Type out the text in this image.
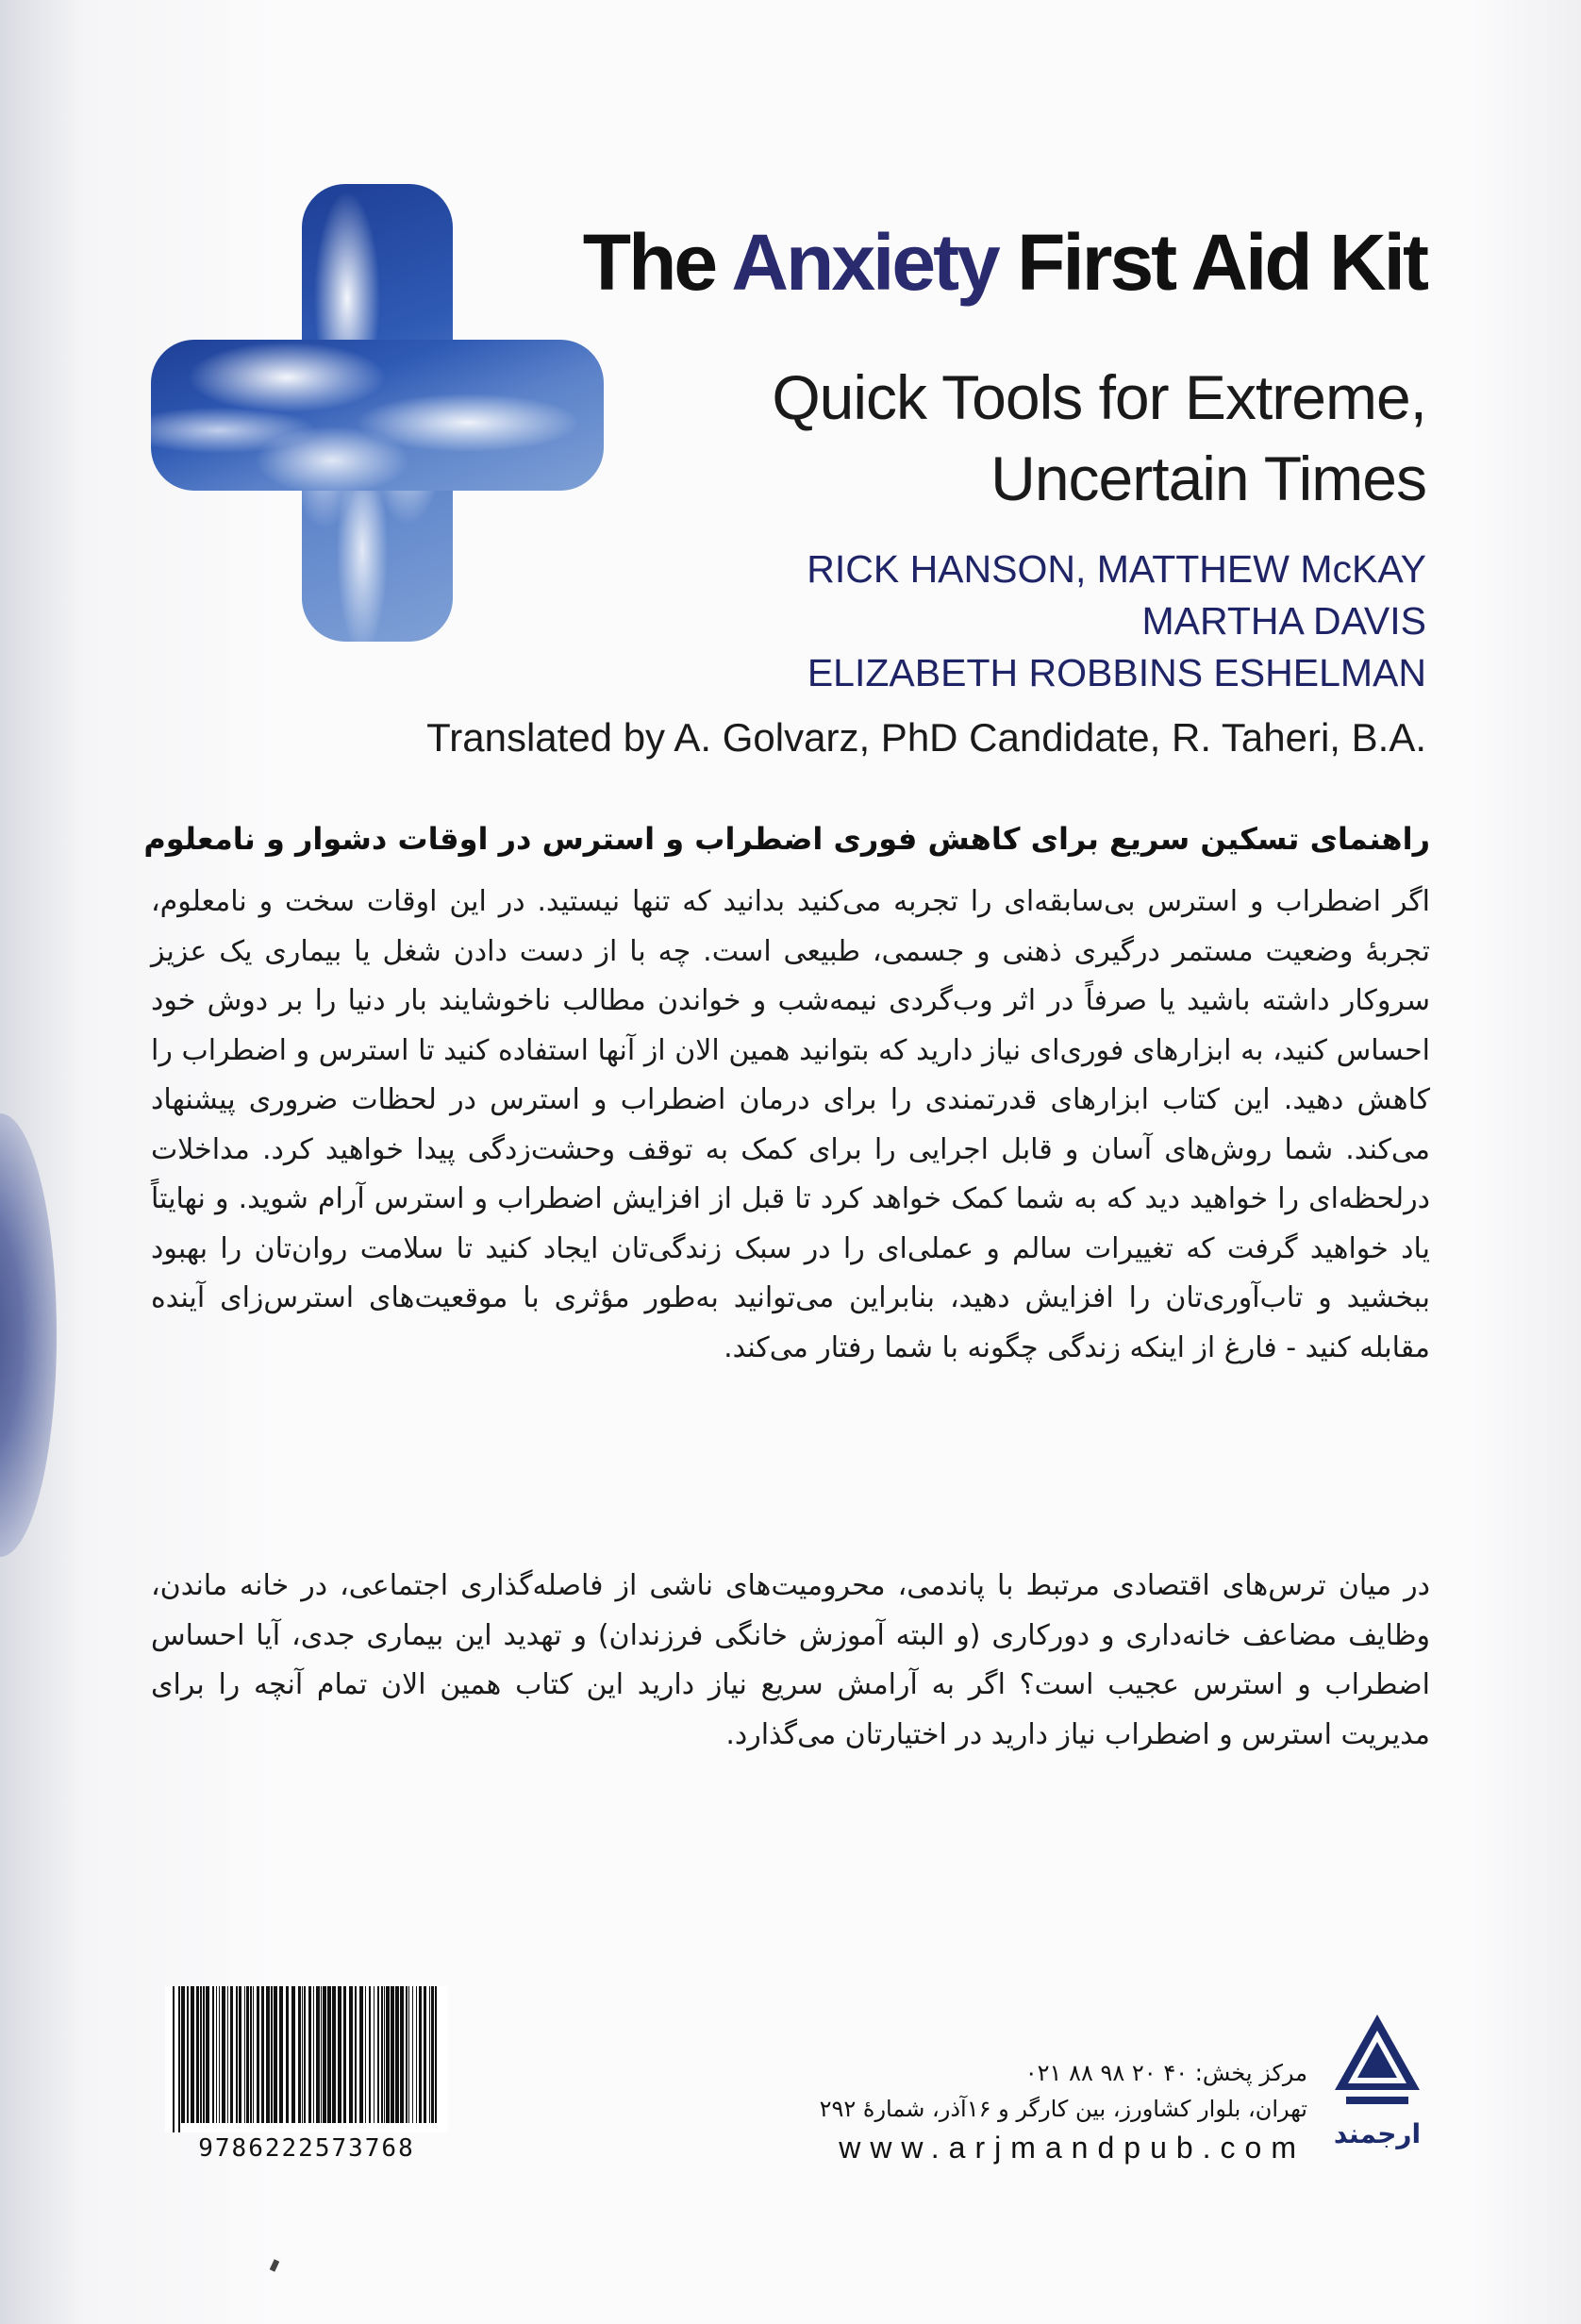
The Anxiety First Aid Kit
Quick Tools for Extreme,
Uncertain Times
RICK HANSON, MATTHEW McKAY
MARTHA DAVIS
ELIZABETH ROBBINS ESHELMAN
Translated by A. Golvarz, PhD Candidate, R. Taheri, B.A.
راهنمای تسکین سریع برای کاهش فوری اضطراب و استرس در اوقات دشوار و نامعلوم
اگر اضطراب و استرس بی‌سابقه‌ای را تجربه می‌کنید بدانید که تنها نیستید. در این اوقات سخت و نامعلوم، تجربهٔ وضعیت مستمر درگیری ذهنی و جسمی، طبیعی است. چه با از دست دادن شغل یا بیماری یک عزیز سروکار داشته باشید یا صرفاً در اثر وب‌گردی نیمه‌شب و خواندن مطالب ناخوشایند بار دنیا را بر دوش خود احساس کنید، به ابزارهای فوری‌ای نیاز دارید که بتوانید همین الان از آنها استفاده کنید تا استرس و اضطراب را کاهش دهید. این کتاب ابزارهای قدرتمندی را برای درمان اضطراب و استرس در لحظات ضروری پیشنهاد می‌کند. شما روش‌های آسان و قابل اجرایی را برای کمک به توقف وحشت‌زدگی پیدا خواهید کرد. مداخلات درلحظه‌ای را خواهید دید که به شما کمک خواهد کرد تا قبل از افزایش اضطراب و استرس آرام شوید. و نهایتاً یاد خواهید گرفت که تغییرات سالم و عملی‌ای را در سبک زندگی‌تان ایجاد کنید تا سلامت روان‌تان را بهبود ببخشید و تاب‌آوری‌تان را افزایش دهید، بنابراین می‌توانید به‌طور مؤثری با موقعیت‌های استرس‌زای آینده مقابله کنید - فارغ از اینکه زندگی چگونه با شما رفتار می‌کند.
در میان ترس‌های اقتصادی مرتبط با پاندمی، محرومیت‌های ناشی از فاصله‌گذاری اجتماعی، در خانه ماندن، وظایف مضاعف خانه‌داری و دورکاری (و البته آموزش خانگی فرزندان) و تهدید این بیماری جدی، آیا احساس اضطراب و استرس عجیب است؟ اگر به آرامش سریع نیاز دارید این کتاب همین الان تمام آنچه را برای مدیریت استرس و اضطراب نیاز دارید در اختیارتان می‌گذارد.
9786222573768
مرکز پخش: ۴۰ ۲۰ ۹۸ ۸۸ ۰۲۱
تهران، بلوار کشاورز، بین کارگر و ۱۶آذر، شمارهٔ ۲۹۲
www.arjmandpub.com	ارجمند
